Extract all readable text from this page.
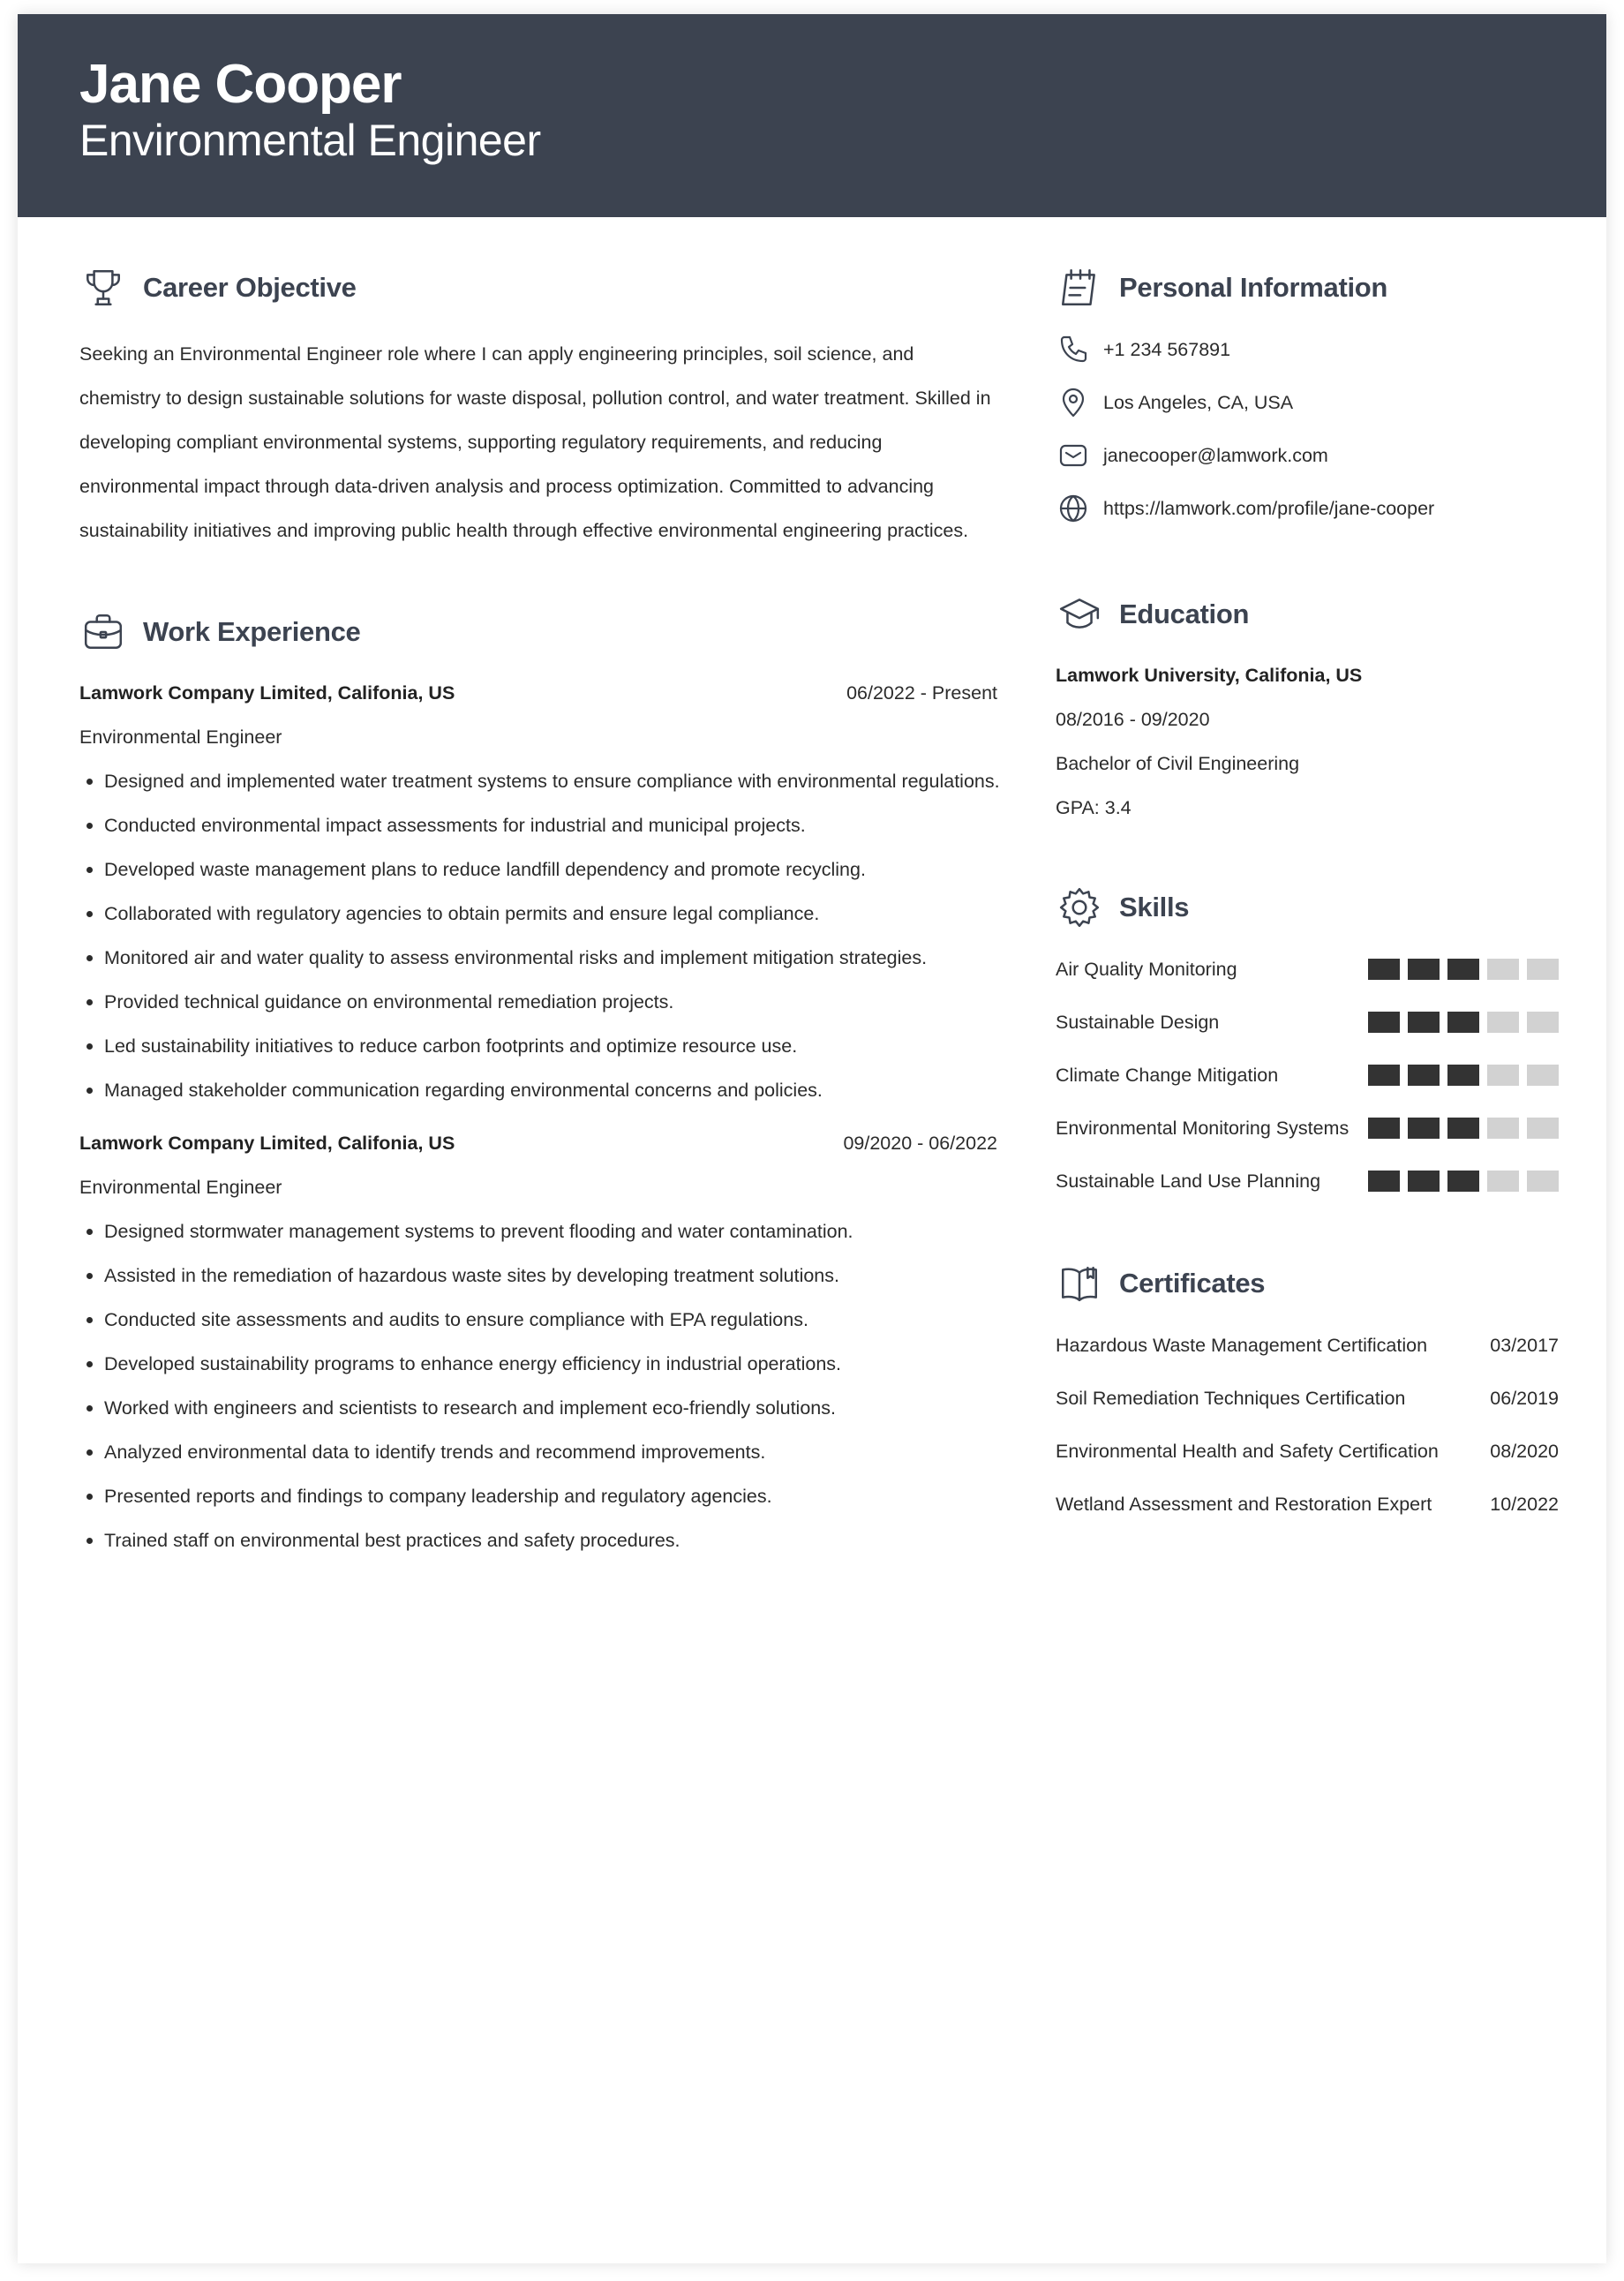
Jane Cooper
Environmental Engineer
Career Objective
Seeking an Environmental Engineer role where I can apply engineering principles, soil science, and chemistry to design sustainable solutions for waste disposal, pollution control, and water treatment. Skilled in developing compliant environmental systems, supporting regulatory requirements, and reducing environmental impact through data-driven analysis and process optimization. Committed to advancing sustainability initiatives and improving public health through effective environmental engineering practices.
Work Experience
Lamwork Company Limited, Califonia, US	06/2022 - Present
Environmental Engineer
Designed and implemented water treatment systems to ensure compliance with environmental regulations.
Conducted environmental impact assessments for industrial and municipal projects.
Developed waste management plans to reduce landfill dependency and promote recycling.
Collaborated with regulatory agencies to obtain permits and ensure legal compliance.
Monitored air and water quality to assess environmental risks and implement mitigation strategies.
Provided technical guidance on environmental remediation projects.
Led sustainability initiatives to reduce carbon footprints and optimize resource use.
Managed stakeholder communication regarding environmental concerns and policies.
Lamwork Company Limited, Califonia, US	09/2020 - 06/2022
Environmental Engineer
Designed stormwater management systems to prevent flooding and water contamination.
Assisted in the remediation of hazardous waste sites by developing treatment solutions.
Conducted site assessments and audits to ensure compliance with EPA regulations.
Developed sustainability programs to enhance energy efficiency in industrial operations.
Worked with engineers and scientists to research and implement eco-friendly solutions.
Analyzed environmental data to identify trends and recommend improvements.
Presented reports and findings to company leadership and regulatory agencies.
Trained staff on environmental best practices and safety procedures.
Personal Information
+1 234 567891
Los Angeles, CA, USA
janecooper@lamwork.com
https://lamwork.com/profile/jane-cooper
Education
Lamwork University, Califonia, US
08/2016 - 09/2020
Bachelor of Civil Engineering
GPA: 3.4
Skills
Air Quality Monitoring
Sustainable Design
Climate Change Mitigation
Environmental Monitoring Systems
Sustainable Land Use Planning
Certificates
Hazardous Waste Management Certification	03/2017
Soil Remediation Techniques Certification	06/2019
Environmental Health and Safety Certification	08/2020
Wetland Assessment and Restoration Expert	10/2022
